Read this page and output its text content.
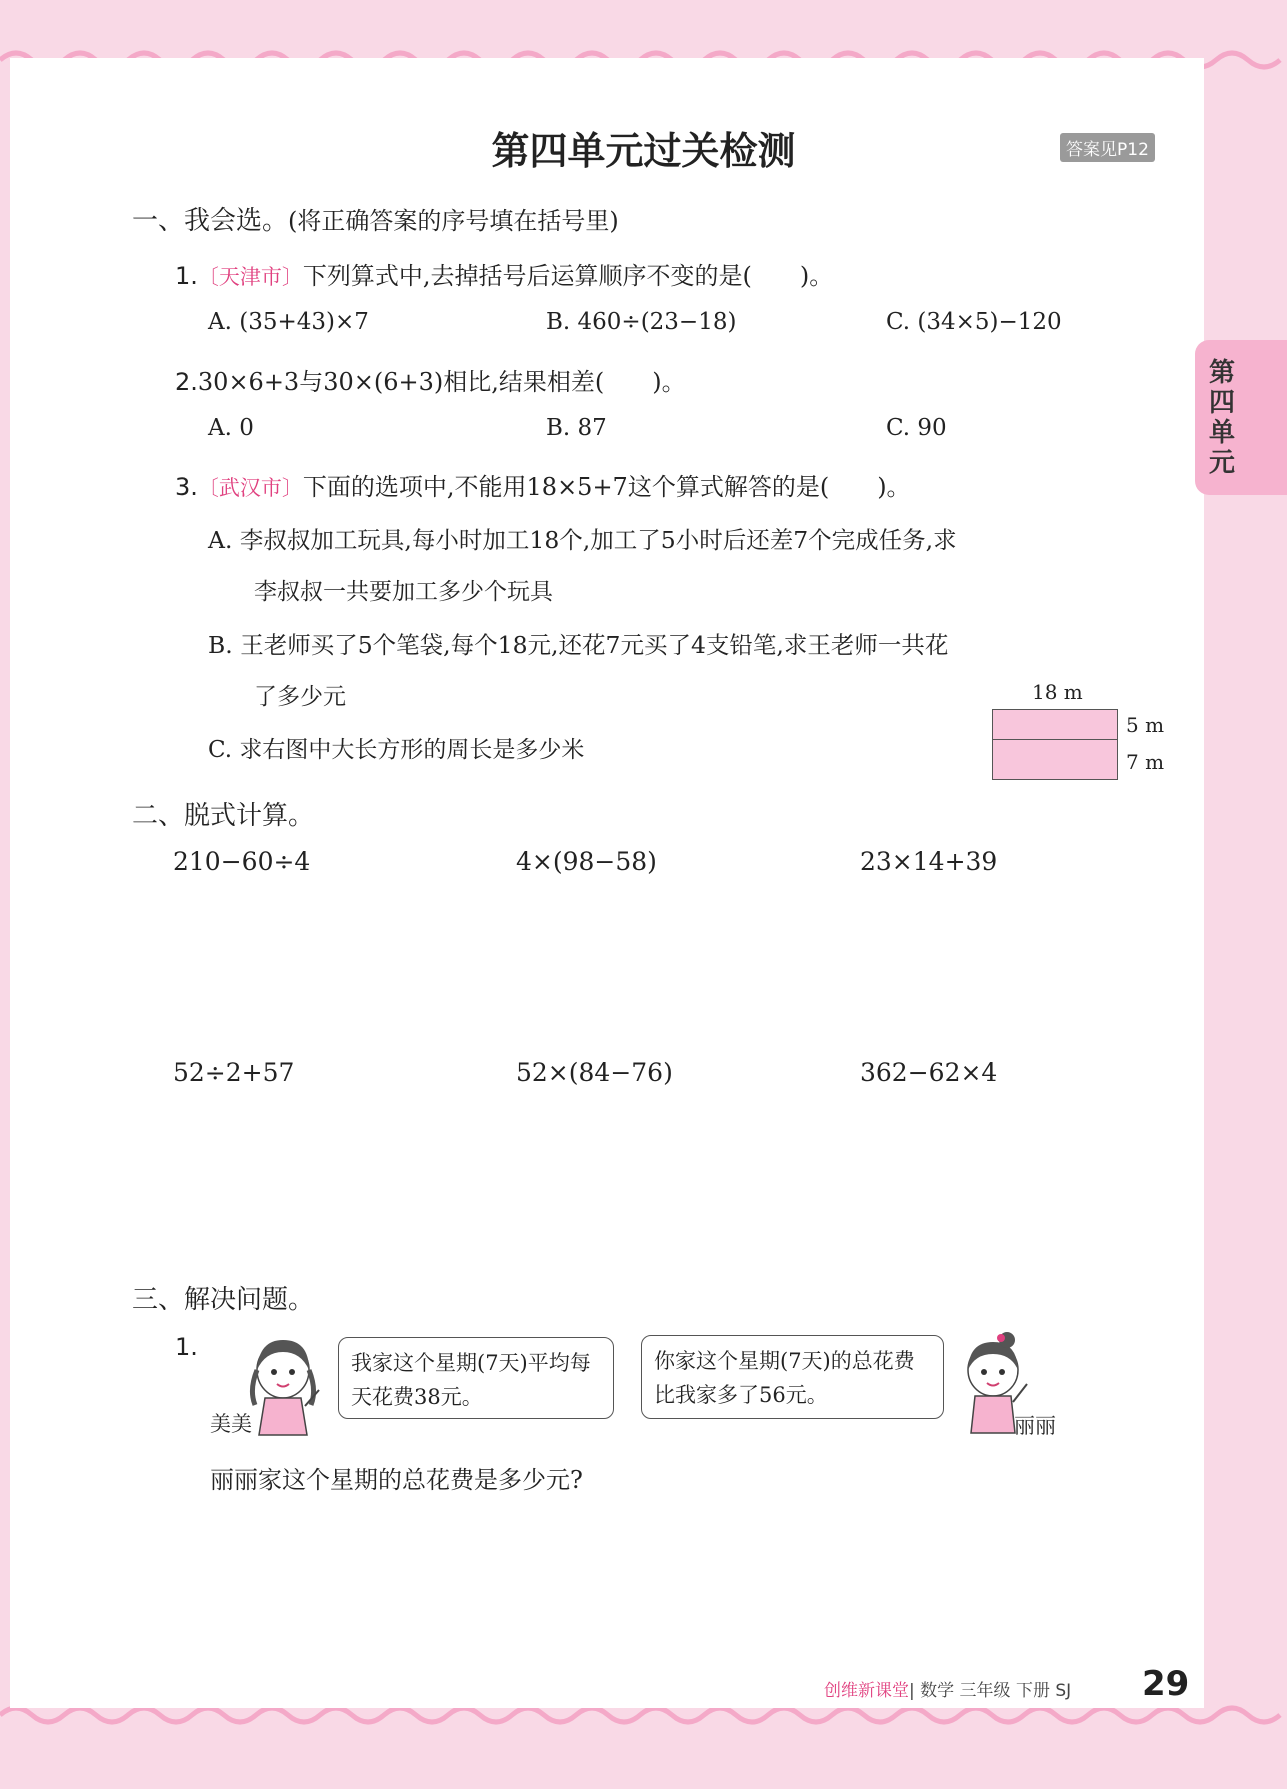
第
四
单
元
第四单元过关检测	答案见P12
一、我会选。(将正确答案的序号填在括号里)
1.〔天津市〕下列算式中,去掉括号后运算顺序不变的是(　　)。
A. (35+43)×7	B. 460÷(23−18)	C. (34×5)−120
2.30×6+3与30×(6+3)相比,结果相差(　　)。
A. 0	B. 87	C. 90
3.〔武汉市〕下面的选项中,不能用18×5+7这个算式解答的是(　　)。
A. 李叔叔加工玩具,每小时加工18个,加工了5小时后还差7个完成任务,求
李叔叔一共要加工多少个玩具
B. 王老师买了5个笔袋,每个18元,还花7元买了4支铅笔,求王老师一共花
了多少元
C. 求右图中大长方形的周长是多少米
18 m
5 m
7 m
二、脱式计算。
210−60÷4	4×(98−58)	23×14+39
52÷2+57	52×(84−76)	362−62×4
三、解决问题。
1.
美美
我家这个星期(7天)平均每天花费38元。
你家这个星期(7天)的总花费比我家多了56元。
丽丽
丽丽家这个星期的总花费是多少元?
创维新课堂| 数学 三年级 下册 SJ 29
